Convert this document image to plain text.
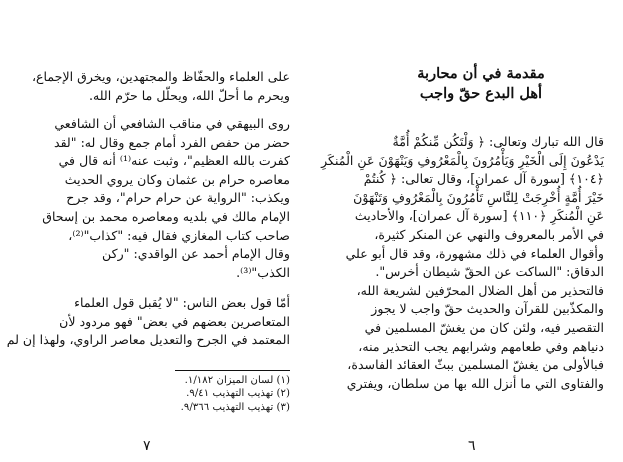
على العلماء والحفّاظ والمجتهدين، ويخرق الإجماع،
ويحرم ما أحلّ الله، ويحلّل ما حرّم الله.
روى البيهقي في مناقب الشافعي أن الشافعي
حضر من حفص الفرد أمام جمع وقال له: "لقد
كفرت بالله العظيم"، وثبت عنه⁽¹⁾ أنه قال في
معاصره حرام بن عثمان وكان يروي الحديث
ويكذب: "الرواية عن حرام حرام"، وقد جرح
الإمام مالك في بلديه ومعاصره محمد بن إسحاق
صاحب كتاب المغازي فقال فيه: "كذاب"⁽²⁾،
وقال الإمام أحمد عن الواقدي: "ركن
الكذب"⁽³⁾.
أمّا قول بعض الناس: "لا يُقبل قول العلماء
المتعاصرين بعضهم في بعض" فهو مردود لأن
المعتمد في الجرح والتعديل معاصر الراوي، ولهذا إن لم
(١) لسان الميزان ١/١٨٢.
(٢) تهذيب التهذيب ٩/٤١.
(٣) تهذيب التهذيب ٩/٣٦٦.
٧
مقدمة في أن محاربة
أهل البدع حقّ واجب
قال الله تبارك وتعالى: ﴿ وَلْتَكُن مِّنكُمْ أُمَّةٌ
يَدْعُونَ إِلَى الْخَيْرِ وَيَأْمُرُونَ بِالْمَعْرُوفِ وَيَنْهَوْنَ عَنِ الْمُنكَرِ
﴿١٠٤﴾ [سورة آل عمران]، وقال تعالى: ﴿ كُنتُمْ
خَيْرَ أُمَّةٍ أُخْرِجَتْ لِلنَّاسِ تَأْمُرُونَ بِالْمَعْرُوفِ وَتَنْهَوْنَ
عَنِ الْمُنكَرِ ﴿١١٠﴾ [سورة آل عمران]، والأحاديث
في الأمر بالمعروف والنهي عن المنكر كثيرة،
وأقوال العلماء في ذلك مشهورة، وقد قال أبو علي
الدقاق: "الساكت عن الحقّ شيطان أخرس".
فالتحذير من أهل الضلال المحرّفين لشريعة الله،
والمكذّبين للقرآن والحديث حقّ واجب لا يجوز
التقصير فيه، ولئن كان من يغشّ المسلمين في
دنياهم وفي طعامهم وشرابهم يجب التحذير منه،
فبالأولى من يغشّ المسلمين ببثّ العقائد الفاسدة،
والفتاوى التي ما أنزل الله بها من سلطان، ويفتري
٦
